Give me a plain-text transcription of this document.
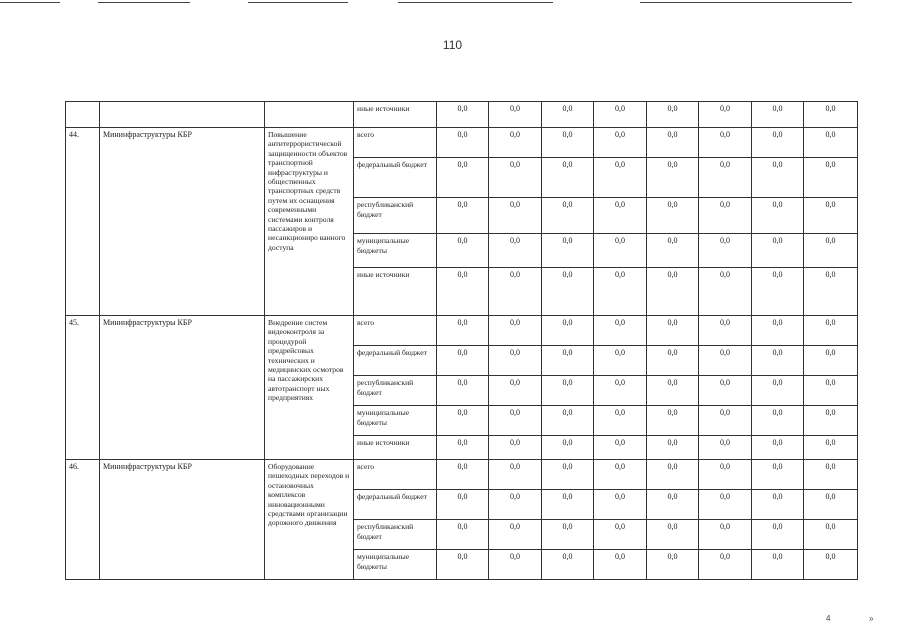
110
			иные источники	0,0	0,0	0,0	0,0	0,0	0,0	0,0	0,0
44.	Мининфраструктуры КБР	Повышение антитеррористической защищенности объектов транспортной инфраструктуры и общественных транспортных средств путем их оснащения современными системами контроля пассажиров и несанкциониро ванного доступа	всего	0,0	0,0	0,0	0,0	0,0	0,0	0,0	0,0
			федеральный бюджет	0,0	0,0	0,0	0,0	0,0	0,0	0,0	0,0
			республиканский бюджет	0,0	0,0	0,0	0,0	0,0	0,0	0,0	0,0
			муниципальные бюджеты	0,0	0,0	0,0	0,0	0,0	0,0	0,0	0,0
			иные источники	0,0	0,0	0,0	0,0	0,0	0,0	0,0	0,0
45.	Мининфраструктуры КБР	Внедрение систем видеоконтроля за процедурой предрейсовых технических и медицинских осмотров на пассажирских автотранспорт ных предприятиях	всего	0,0	0,0	0,0	0,0	0,0	0,0	0,0	0,0
			федеральный бюджет	0,0	0,0	0,0	0,0	0,0	0,0	0,0	0,0
			республиканский бюджет	0,0	0,0	0,0	0,0	0,0	0,0	0,0	0,0
			муниципальные бюджеты	0,0	0,0	0,0	0,0	0,0	0,0	0,0	0,0
			иные источники	0,0	0,0	0,0	0,0	0,0	0,0	0,0	0,0
46.	Мининфраструктуры КБР	Оборудование пешеходных переходов и остановочных комплексов инновационными средствами организации дорожного движения	всего	0,0	0,0	0,0	0,0	0,0	0,0	0,0	0,0
			федеральный бюджет	0,0	0,0	0,0	0,0	0,0	0,0	0,0	0,0
			республиканский бюджет	0,0	0,0	0,0	0,0	0,0	0,0	0,0	0,0
			муниципальные бюджеты	0,0	0,0	0,0	0,0	0,0	0,0	0,0	0,0
4	»
